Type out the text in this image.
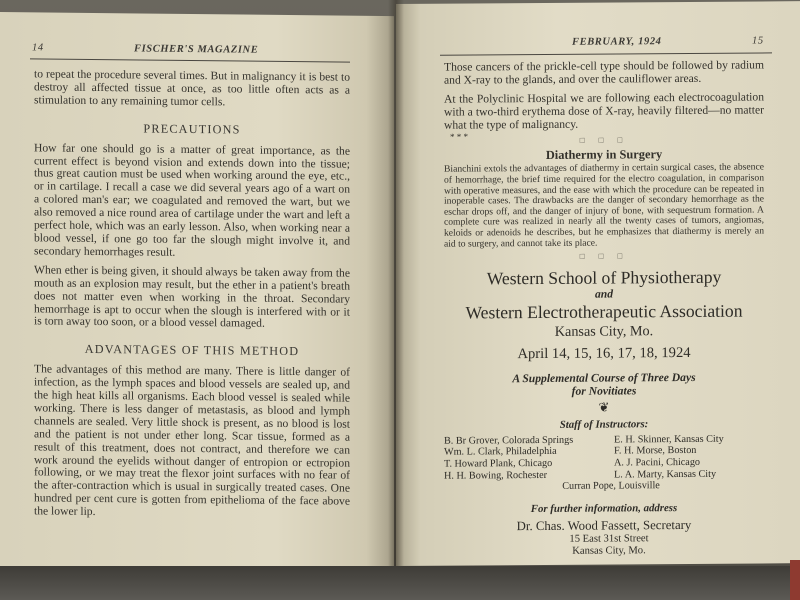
14	FISCHER'S MAGAZINE

to repeat the procedure several times. But in malignancy it is best to destroy all affected tissue at once, as too little often acts as a stimulation to any remaining tumor cells.

PRECAUTIONS

How far one should go is a matter of great importance, as the current effect is beyond vision and extends down into the tissue; thus great caution must be used when working around the eye, etc., or in cartilage. I recall a case we did several years ago of a wart on a colored man's ear; we coagulated and removed the wart, but we also removed a nice round area of cartilage under the wart and left a perfect hole, which was an early lesson. Also, when working near a blood vessel, if one go too far the slough might involve it, and secondary hemorrhages result.

When ether is being given, it should always be taken away from the mouth as an explosion may result, but the ether in a patient's breath does not matter even when working in the throat. Secondary hemorrhage is apt to occur when the slough is interfered with or it is torn away too soon, or a blood vessel damaged.

ADVANTAGES OF THIS METHOD

The advantages of this method are many. There is little danger of infection, as the lymph spaces and blood vessels are sealed up, and the high heat kills all organisms. Each blood vessel is sealed while working. There is less danger of metastasis, as blood and lymph channels are sealed. Very little shock is present, as no blood is lost and the patient is not under ether long. Scar tissue, formed as a result of this treatment, does not contract, and therefore we can work around the eyelids without danger of entropion or ectropion following, or we may treat the flexor joint surfaces with no fear of the after-contraction which is usual in surgically treated cases. One hundred per cent cure is gotten from epithelioma of the face above the lower lip.

FEBRUARY, 1924	15

Those cancers of the prickle-cell type should be followed by radium and X-ray to the glands, and over the cauliflower areas.

At the Polyclinic Hospital we are following each electrocoagulation with a two-third erythema dose of X-ray, heavily filtered—no matter what the type of malignancy.

* * *	□ □ □
Diathermy in Surgery

Bianchini extols the advantages of diathermy in certain surgical cases, the absence of hemorrhage, the brief time required for the electro coagulation, in comparison with operative measures, and the ease with which the procedure can be repeated in inoperable cases. The drawbacks are the danger of secondary hemorrhage as the eschar drops off, and the danger of injury of bone, with sequestrum formation. A complete cure was realized in nearly all the twenty cases of tumors, angiomas, keloids or adenoids he describes, but he emphasizes that diathermy is merely an aid to surgery, and cannot take its place.

□ □ □
Western School of Physiotherapy
and
Western Electrotherapeutic Association
Kansas City, Mo.
April 14, 15, 16, 17, 18, 1924
A Supplemental Course of Three Days
for Novitiates
❦
Staff of Instructors:
B. Br Grover, Colorada Springs	E. H. Skinner, Kansas City
Wm. L. Clark, Philadelphia	F. H. Morse, Boston
T. Howard Plank, Chicago	A. J. Pacini, Chicago
H. H. Bowing, Rochester	L. A. Marty, Kansas City
Curran Pope, Louisville
For further information, address
Dr. Chas. Wood Fassett, Secretary
15 East 31st Street
Kansas City, Mo.
